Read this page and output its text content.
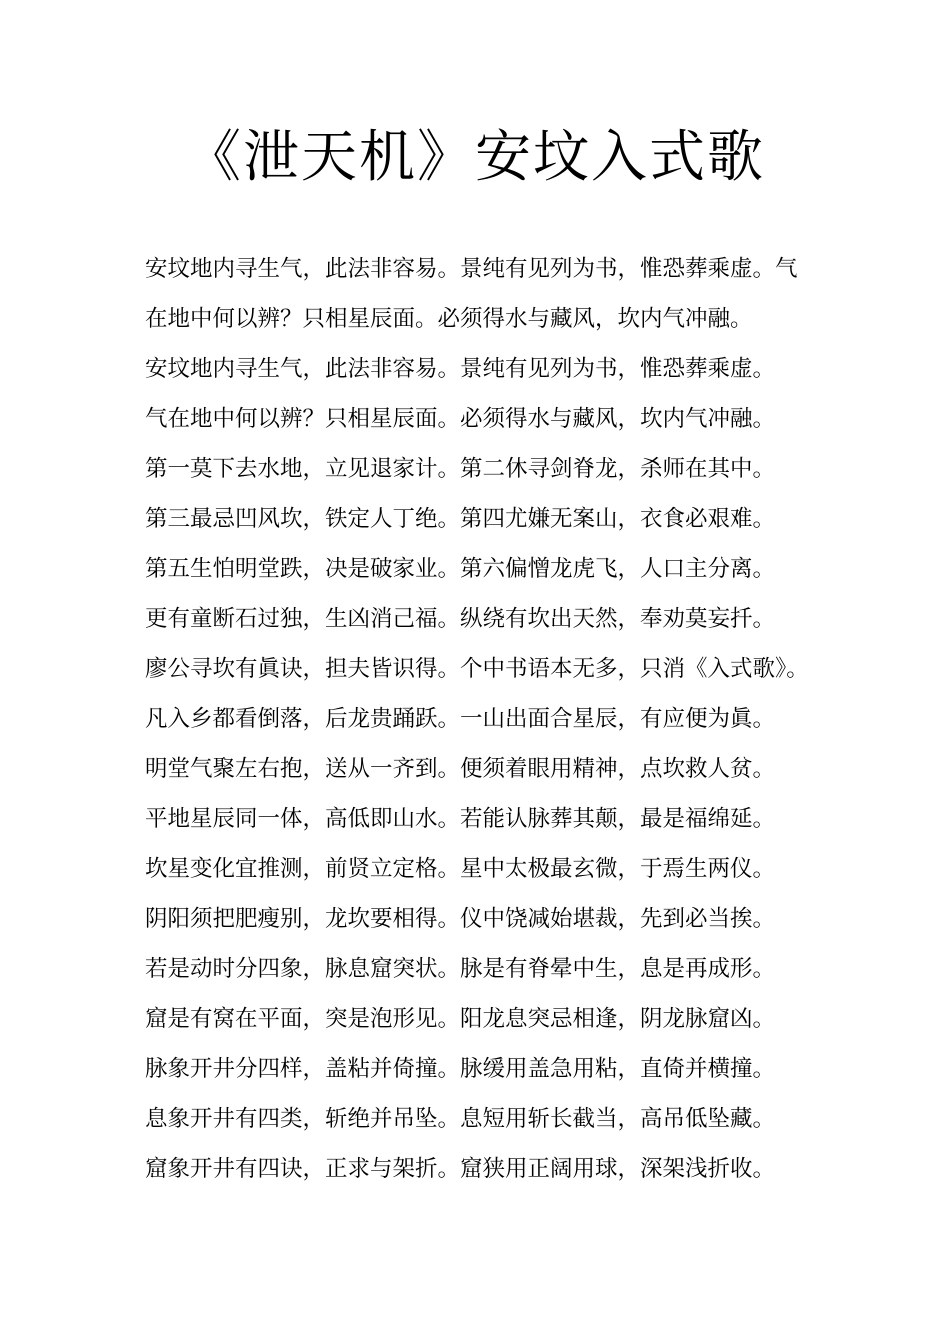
《泄天机》安坟入式歌
安坟地内寻生气，此法非容易。景纯有见列为书，惟恐葬乘虚。气
在地中何以辨？只相星辰面。必须得水与藏风，坎内气冲融。
安坟地内寻生气，此法非容易。景纯有见列为书，惟恐葬乘虚。
气在地中何以辨？只相星辰面。必须得水与藏风，坎内气冲融。
第一莫下去水地，立见退家计。第二休寻剑脊龙，杀师在其中。
第三最忌凹风坎，铁定人丁绝。第四尤嫌无案山，衣食必艰难。
第五生怕明堂跌，决是破家业。第六偏憎龙虎飞，人口主分离。
更有童断石过独，生凶消己福。纵绕有坎出天然，奉劝莫妄扦。
廖公寻坎有眞诀，担夫皆识得。个中书语本无多，只消《入式歌》。
凡入乡都看倒落，后龙贵踊跃。一山出面合星辰，有应便为眞。
明堂气聚左右抱，送从一齐到。便须着眼用精神，点坎救人贫。
平地星辰同一体，高低即山水。若能认脉葬其颠，最是福绵延。
坎星变化宜推测，前贤立定格。星中太极最玄微，于焉生两仪。
阴阳须把肥瘦别，龙坎要相得。仪中饶减始堪裁，先到必当挨。
若是动时分四象，脉息窟突状。脉是有脊晕中生，息是再成形。
窟是有窝在平面，突是泡形见。阳龙息突忌相逢，阴龙脉窟凶。
脉象开井分四样，盖粘并倚撞。脉缓用盖急用粘，直倚并横撞。
息象开井有四类，斩绝并吊坠。息短用斩长截当，高吊低坠藏。
窟象开井有四诀，正求与架折。窟狭用正阔用球，深架浅折收。
